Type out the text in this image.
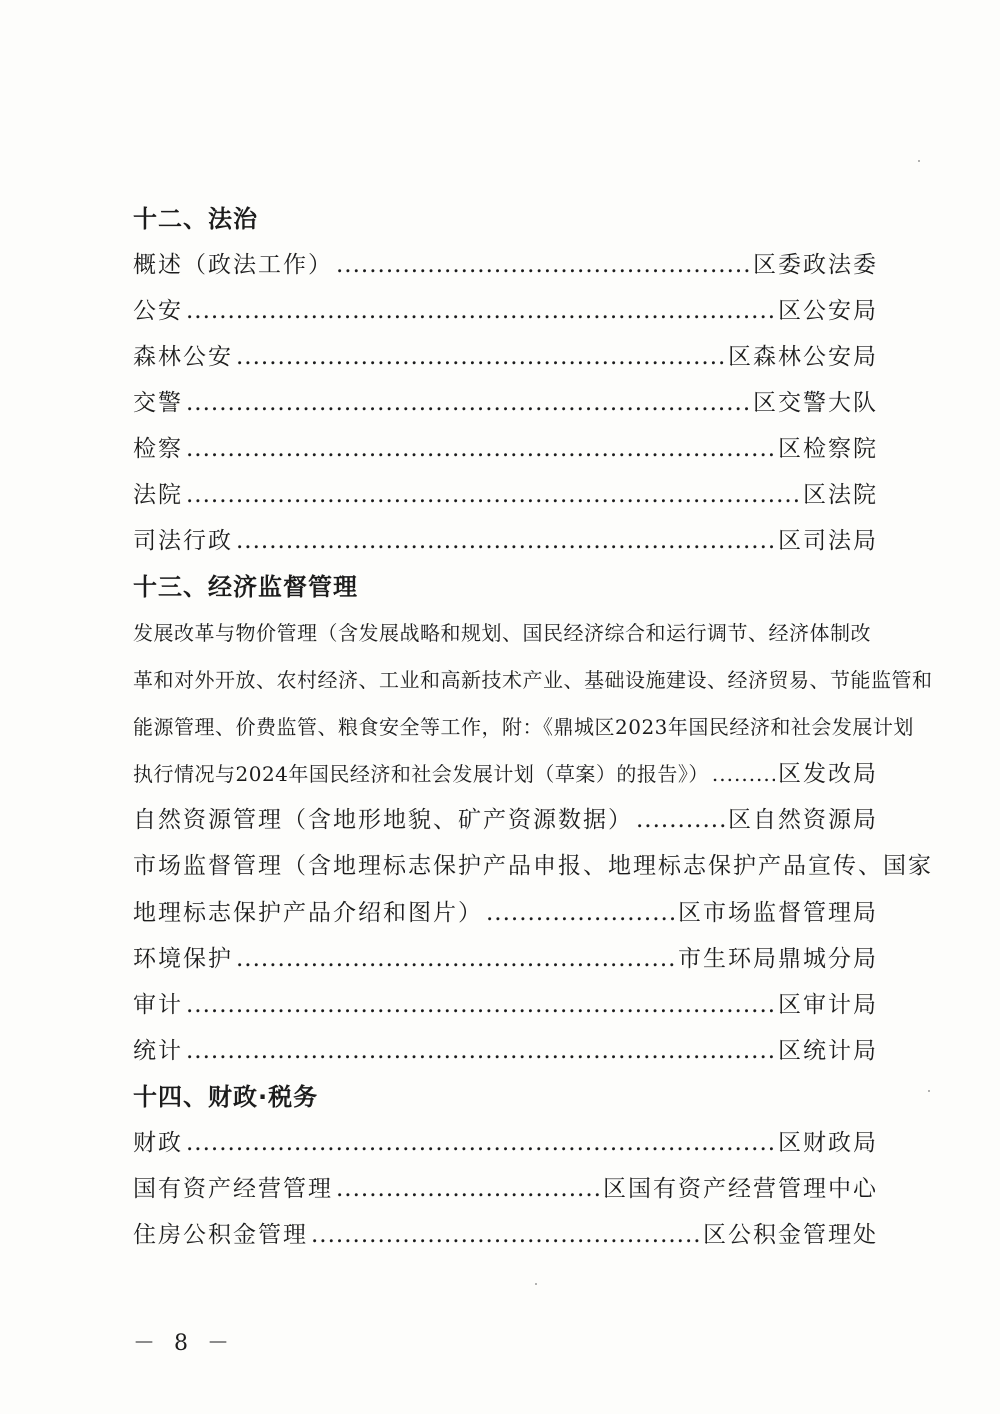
十二、法治
概述（政法工作） .....	区委政法委
公安 .....	区公安局
森林公安 .....	区森林公安局
交警 .....	区交警大队
检察 .....	区检察院
法院 .....	区法院
司法行政 .....	区司法局
十三、经济监督管理
发展改革与物价管理（含发展战略和规划、国民经济综合和运行调节、经济体制改
革和对外开放、农村经济、工业和高新技术产业、基础设施建设、经济贸易、节能监管和
能源管理、价费监管、粮食安全等工作，附：《鼎城区2023年国民经济和社会发展计划
执行情况与2024年国民经济和社会发展计划（草案）的报告》） .....	区发改局
自然资源管理（含地形地貌、矿产资源数据） .....	区自然资源局
市场监督管理（含地理标志保护产品申报、地理标志保护产品宣传、国家
地理标志保护产品介绍和图片） .....	区市场监督管理局
环境保护 .....	市生环局鼎城分局
审计 .....	区审计局
统计 .....	区统计局
十四、财政·税务
财政 .....	区财政局
国有资产经营管理 .....	区国有资产经营管理中心
住房公积金管理 .....	区公积金管理处
－ 8 －
